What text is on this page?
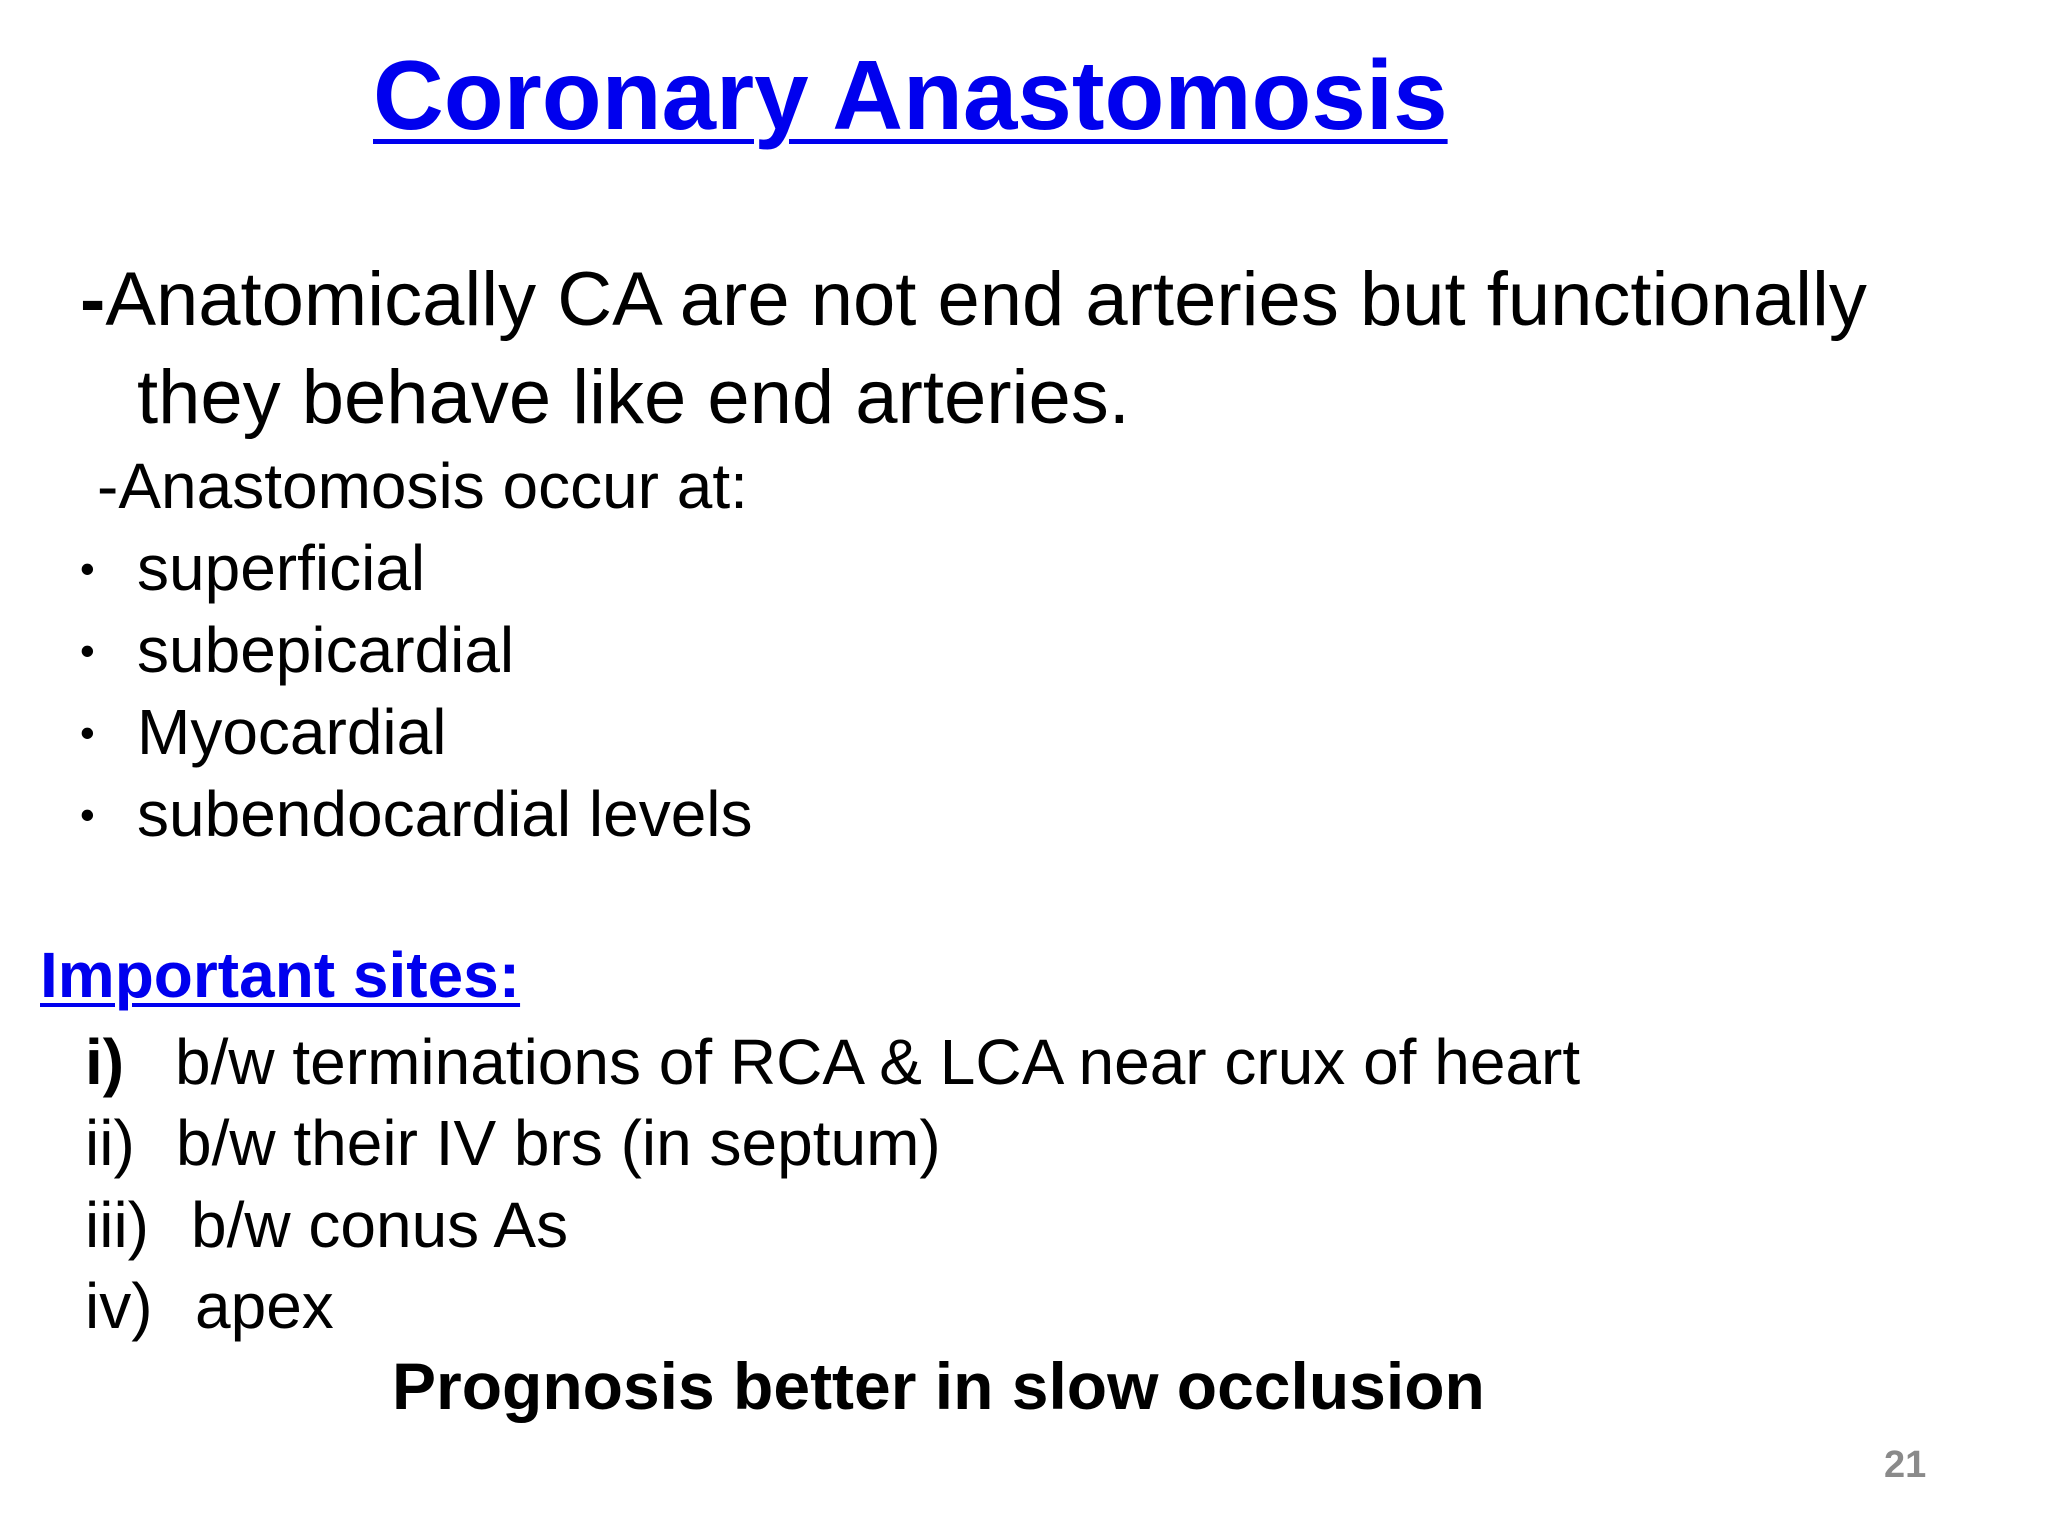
Coronary Anastomosis
-Anatomically CA are not end arteries but functionally
they behave like end arteries.
-Anastomosis occur at:
• superficial
• subepicardial
• Myocardial
• subendocardial levels
Important sites:
i) b/w terminations of RCA & LCA near crux of heart
ii) b/w their IV brs (in septum)
iii) b/w conus As
iv) apex
Prognosis better in slow occlusion
21
